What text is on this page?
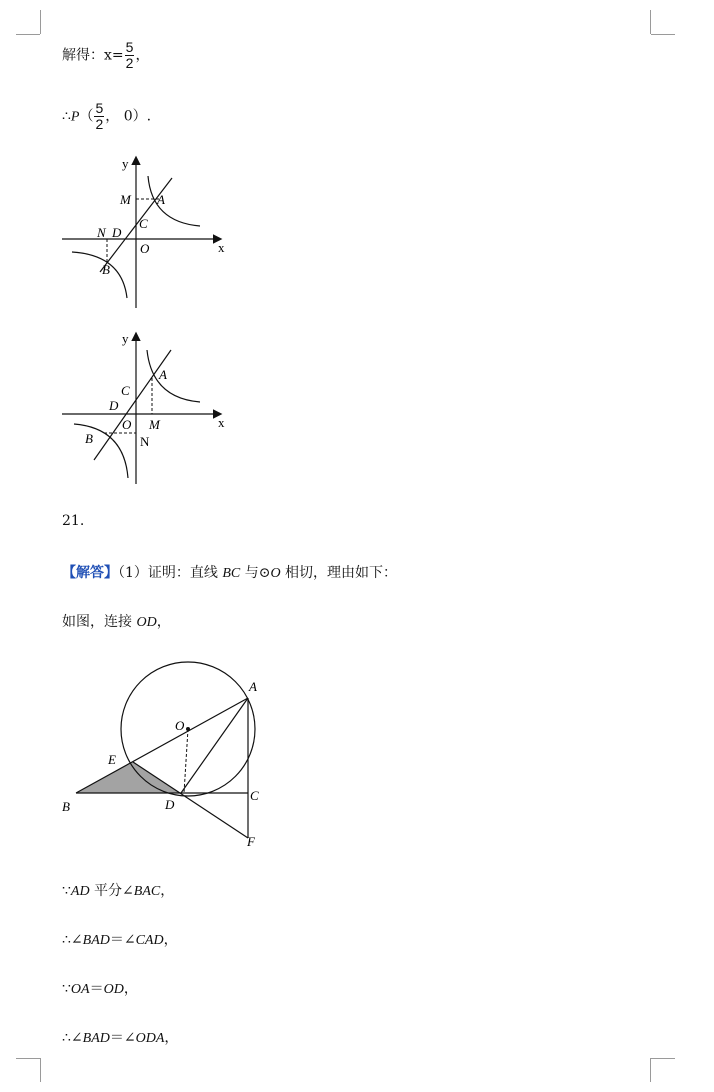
解得：$x= \frac{5}{2}$ ，
∴P（ $\frac{5}{2}$ ， 0）.
y
x
M A
C
N D
O
B
y
x
A
C
D
O M
B	N
21.
【解答】（1）证明：直线 BC 与⊙O 相切，理由如下：
如图，连接 OD，
A
O
E
B	D
C
F
∵AD 平分∠BAC，
∴∠BAD＝∠CAD，
∵OA＝OD，
∴∠BAD＝∠ODA，
